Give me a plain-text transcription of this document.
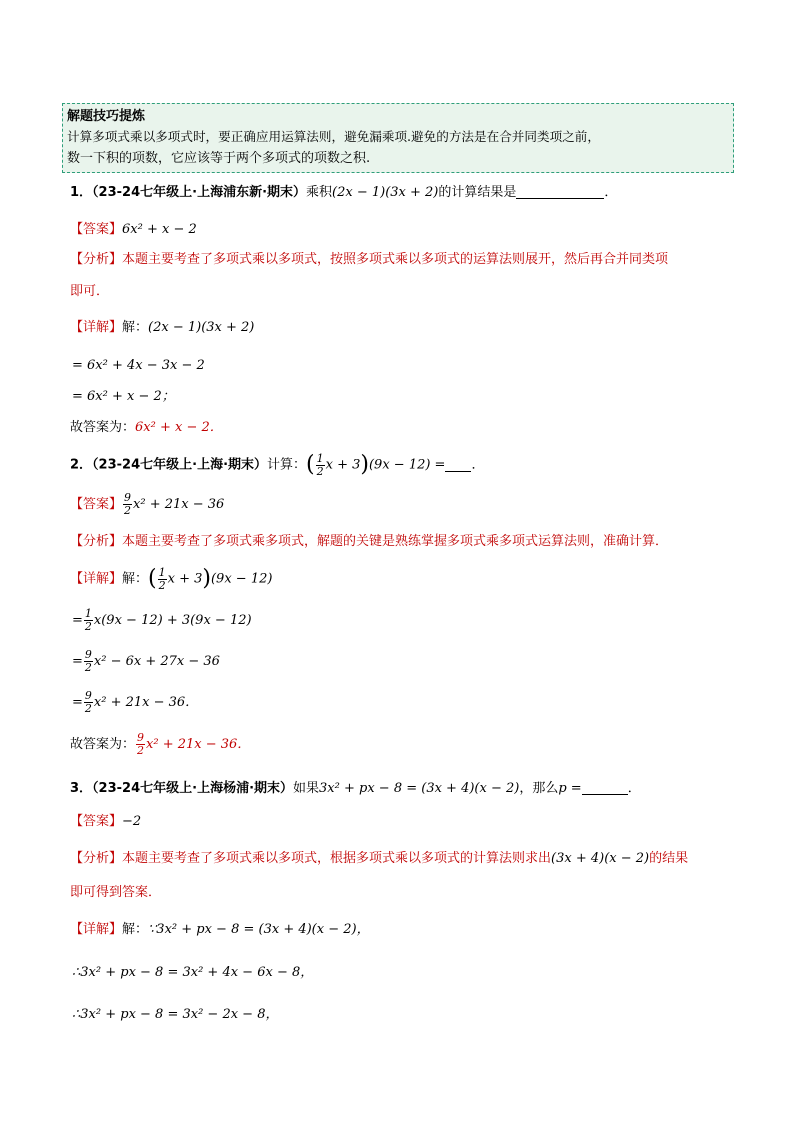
解题技巧提炼
计算多项式乘以多项式时，要正确应用运算法则，避免漏乘项.避免的方法是在合并同类项之前，
数一下积的项数，它应该等于两个多项式的项数之积.
1．（23-24七年级上·上海浦东新·期末）乘积(2x − 1)(3x + 2)的计算结果是	．
【答案】6x² + x − 2
【分析】本题主要考查了多项式乘以多项式，按照多项式乘以多项式的运算法则展开，然后再合并同类项
即可．
【详解】解：(2x − 1)(3x + 2)
= 6x² + 4x − 3x − 2
= 6x² + x − 2；
故答案为：6x² + x − 2．
2．（23-24七年级上·上海·期末）计算：( $\frac{1}{2}$ x + 3)(9x − 12) = ．
【答案】 $\frac{9}{2} x^2 + 21x - 36$
【分析】本题主要考查了多项式乘多项式，解题的关键是熟练掌握多项式乘多项式运算法则，准确计算．
【详解】解：( $\frac{1}{2}$ x + 3)(9x − 12)
= $\frac{1}{2} x(9x - 12) + 3(9x - 12)$
= $\frac{9}{2} x^2 - 6x + 27x - 36$
= $\frac{9}{2} x^2 + 21x - 36$．
故答案为： $\frac{9}{2} x^2 + 21x - 36$．
3．（23-24七年级上·上海杨浦·期末）如果3x² + px − 8 = (3x + 4)(x − 2)，那么p =	．
【答案】−2
【分析】本题主要考查了多项式乘以多项式，根据多项式乘以多项式的计算法则求出(3x + 4)(x − 2)的结果
即可得到答案．
【详解】解：∵3x² + px − 8 = (3x + 4)(x − 2)，
∴3x² + px − 8 = 3x² + 4x − 6x − 8，
∴3x² + px − 8 = 3x² − 2x − 8，
